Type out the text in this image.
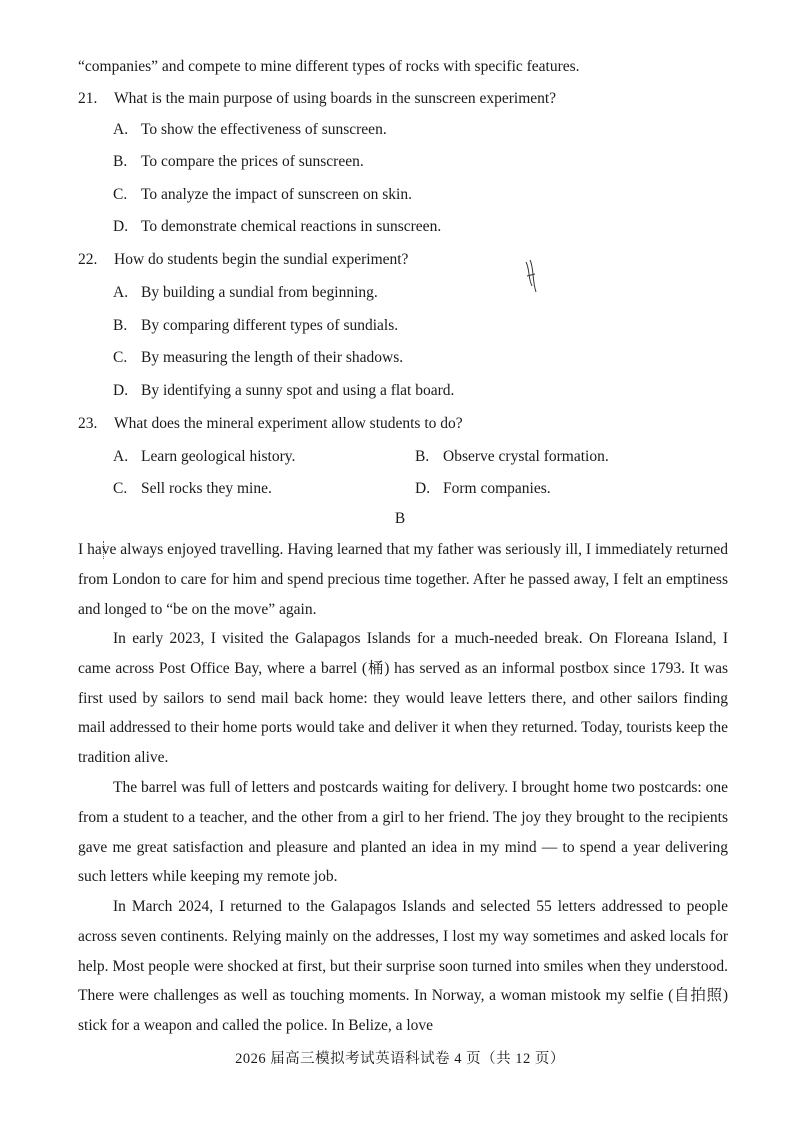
“companies” and compete to mine different types of rocks with specific features.
21. What is the main purpose of using boards in the sunscreen experiment?
A. To show the effectiveness of sunscreen.
B. To compare the prices of sunscreen.
C. To analyze the impact of sunscreen on skin.
D. To demonstrate chemical reactions in sunscreen.
22. How do students begin the sundial experiment?
A. By building a sundial from beginning.
B. By comparing different types of sundials.
C. By measuring the length of their shadows.
D. By identifying a sunny spot and using a flat board.
23. What does the mineral experiment allow students to do?
A. Learn geological history.	B. Observe crystal formation.
C. Sell rocks they mine.	D. Form companies.
B
I have always enjoyed travelling. Having learned that my father was seriously ill, I immediately returned from London to care for him and spend precious time together. After he passed away, I felt an emptiness and longed to “be on the move” again.
In early 2023, I visited the Galapagos Islands for a much-needed break. On Floreana Island, I came across Post Office Bay, where a barrel (桶) has served as an informal postbox since 1793. It was first used by sailors to send mail back home: they would leave letters there, and other sailors finding mail addressed to their home ports would take and deliver it when they returned. Today, tourists keep the tradition alive.
The barrel was full of letters and postcards waiting for delivery. I brought home two postcards: one from a student to a teacher, and the other from a girl to her friend. The joy they brought to the recipients gave me great satisfaction and pleasure and planted an idea in my mind — to spend a year delivering such letters while keeping my remote job.
In March 2024, I returned to the Galapagos Islands and selected 55 letters addressed to people across seven continents. Relying mainly on the addresses, I lost my way sometimes and asked locals for help. Most people were shocked at first, but their surprise soon turned into smiles when they understood. There were challenges as well as touching moments. In Norway, a woman mistook my selfie (自拍照) stick for a weapon and called the police. In Belize, a love
2026 届高三模拟考试英语科试卷 4 页（共 12 页）
